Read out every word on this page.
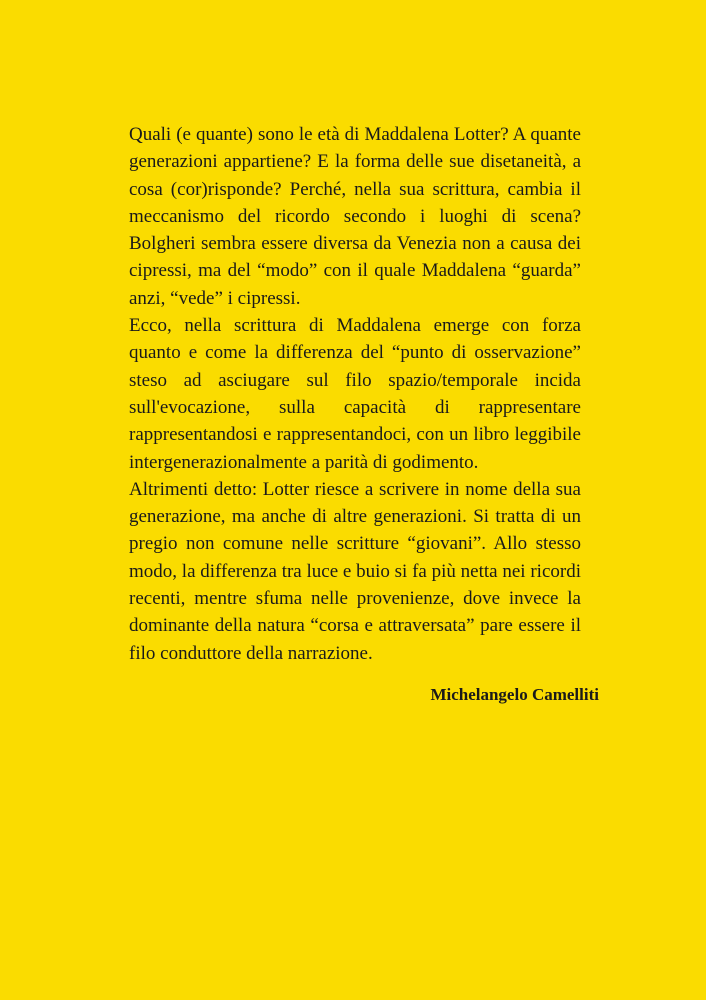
Quali (e quante) sono le età di Maddalena Lotter? A quante generazioni appartiene? E la forma delle sue disetaneità, a cosa (cor)risponde? Perché, nella sua scrittura, cambia il meccanismo del ricordo secondo i luoghi di scena? Bolgheri sembra essere diversa da Venezia non a causa dei cipressi, ma del “modo” con il quale Maddalena “guarda” anzi, “vede” i cipressi.

Ecco, nella scrittura di Maddalena emerge con forza quanto e come la differenza del “punto di osservazione” steso ad asciugare sul filo spazio/temporale incida sull'evocazione, sulla capacità di rappresentare rappresentandosi e rappresentandoci, con un libro leggibile intergenerazionalmente a parità di godimento.

Altrimenti detto: Lotter riesce a scrivere in nome della sua generazione, ma anche di altre generazioni. Si tratta di un pregio non comune nelle scritture “giovani”. Allo stesso modo, la differenza tra luce e buio si fa più netta nei ricordi recenti, mentre sfuma nelle provenienze, dove invece la dominante della natura “corsa e attraversata” pare essere il filo conduttore della narrazione.

Michelangelo Camelliti
